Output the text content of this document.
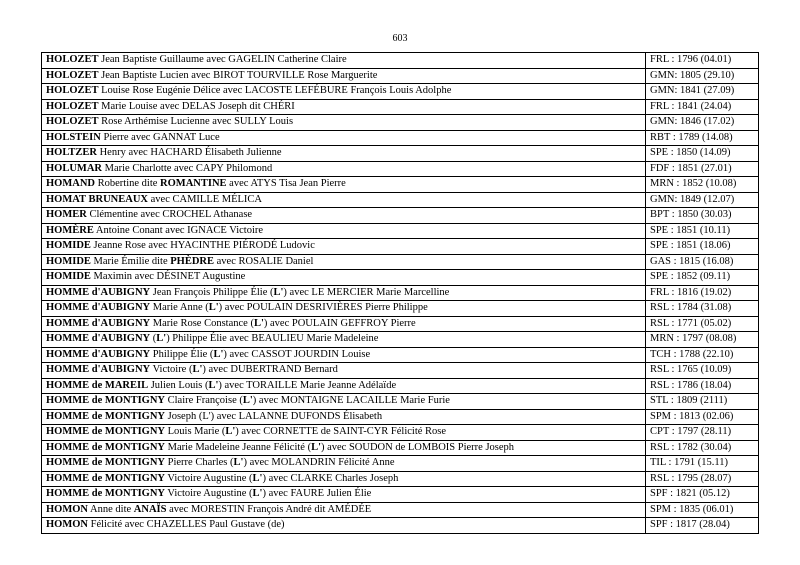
603
HOLOZET Jean Baptiste Guillaume avec GAGELIN Catherine Claire	FRL : 1796 (04.01)
HOLOZET Jean Baptiste Lucien avec BIROT TOURVILLE Rose Marguerite	GMN: 1805 (29.10)
HOLOZET Louise Rose Eugénie Délice avec LACOSTE LEFÉBURE François Louis Adolphe	GMN: 1841 (27.09)
HOLOZET Marie Louise avec DELAS Joseph dit CHÉRI	FRL : 1841 (24.04)
HOLOZET Rose Arthémise Lucienne avec SULLY Louis	GMN: 1846 (17.02)
HOLSTEIN Pierre avec GANNAT Luce	RBT : 1789 (14.08)
HOLTZER Henry avec HACHARD Élisabeth Julienne	SPE : 1850 (14.09)
HOLUMAR Marie Charlotte avec CAPY Philomond	FDF : 1851 (27.01)
HOMAND Robertine dite ROMANTINE avec ATYS Tisa Jean Pierre	MRN : 1852 (10.08)
HOMAT BRUNEAUX avec CAMILLE MÉLICA	GMN: 1849 (12.07)
HOMER Clémentine avec CROCHEL Athanase	BPT : 1850 (30.03)
HOMÈRE Antoine Conant avec IGNACE Victoire	SPE : 1851 (10.11)
HOMIDE Jeanne Rose avec HYACINTHE PIÉRODÉ Ludovic	SPE : 1851 (18.06)
HOMIDE Marie Émilie dite PHÈDRE avec ROSALIE Daniel	GAS : 1815 (16.08)
HOMIDE Maximin avec DÉSINET Augustine	SPE : 1852 (09.11)
HOMME d'AUBIGNY Jean François Philippe Élie (L') avec LE MERCIER Marie Marcelline	FRL : 1816 (19.02)
HOMME d'AUBIGNY Marie Anne (L') avec POULAIN DESRIVIÈRES Pierre Philippe	RSL : 1784 (31.08)
HOMME d'AUBIGNY Marie Rose Constance (L') avec POULAIN GEFFROY Pierre	RSL : 1771 (05.02)
HOMME d'AUBIGNY (L') Philippe Élie avec BEAULIEU Marie Madeleine	MRN : 1797 (08.08)
HOMME d'AUBIGNY Philippe Élie (L') avec CASSOT JOURDIN Louise	TCH : 1788 (22.10)
HOMME d'AUBIGNY Victoire (L') avec DUBERTRAND Bernard	RSL : 1765 (10.09)
HOMME de MAREIL Julien Louis (L') avec TORAILLE Marie Jeanne Adélaïde	RSL : 1786 (18.04)
HOMME de MONTIGNY Claire Françoise (L') avec MONTAIGNE LACAILLE Marie Furie	STL : 1809 (2111)
HOMME de MONTIGNY Joseph (L') avec LALANNE DUFONDS Élisabeth	SPM : 1813 (02.06)
HOMME de MONTIGNY Louis Marie (L') avec CORNETTE de SAINT-CYR Félicité Rose	CPT : 1797 (28.11)
HOMME de MONTIGNY Marie Madeleine Jeanne Félicité (L') avec SOUDON de LOMBOIS Pierre Joseph	RSL : 1782 (30.04)
HOMME de MONTIGNY Pierre Charles (L') avec MOLANDRIN Félicité Anne	TIL : 1791 (15.11)
HOMME de MONTIGNY Victoire Augustine (L') avec CLARKE Charles Joseph	RSL : 1795 (28.07)
HOMME de MONTIGNY Victoire Augustine (L') avec FAURE Julien Élie	SPF : 1821 (05.12)
HOMON Anne dite ANAÏS avec MORESTIN François André dit AMÉDÉE	SPM : 1835 (06.01)
HOMON Félicité avec CHAZELLES Paul Gustave (de)	SPF : 1817 (28.04)
